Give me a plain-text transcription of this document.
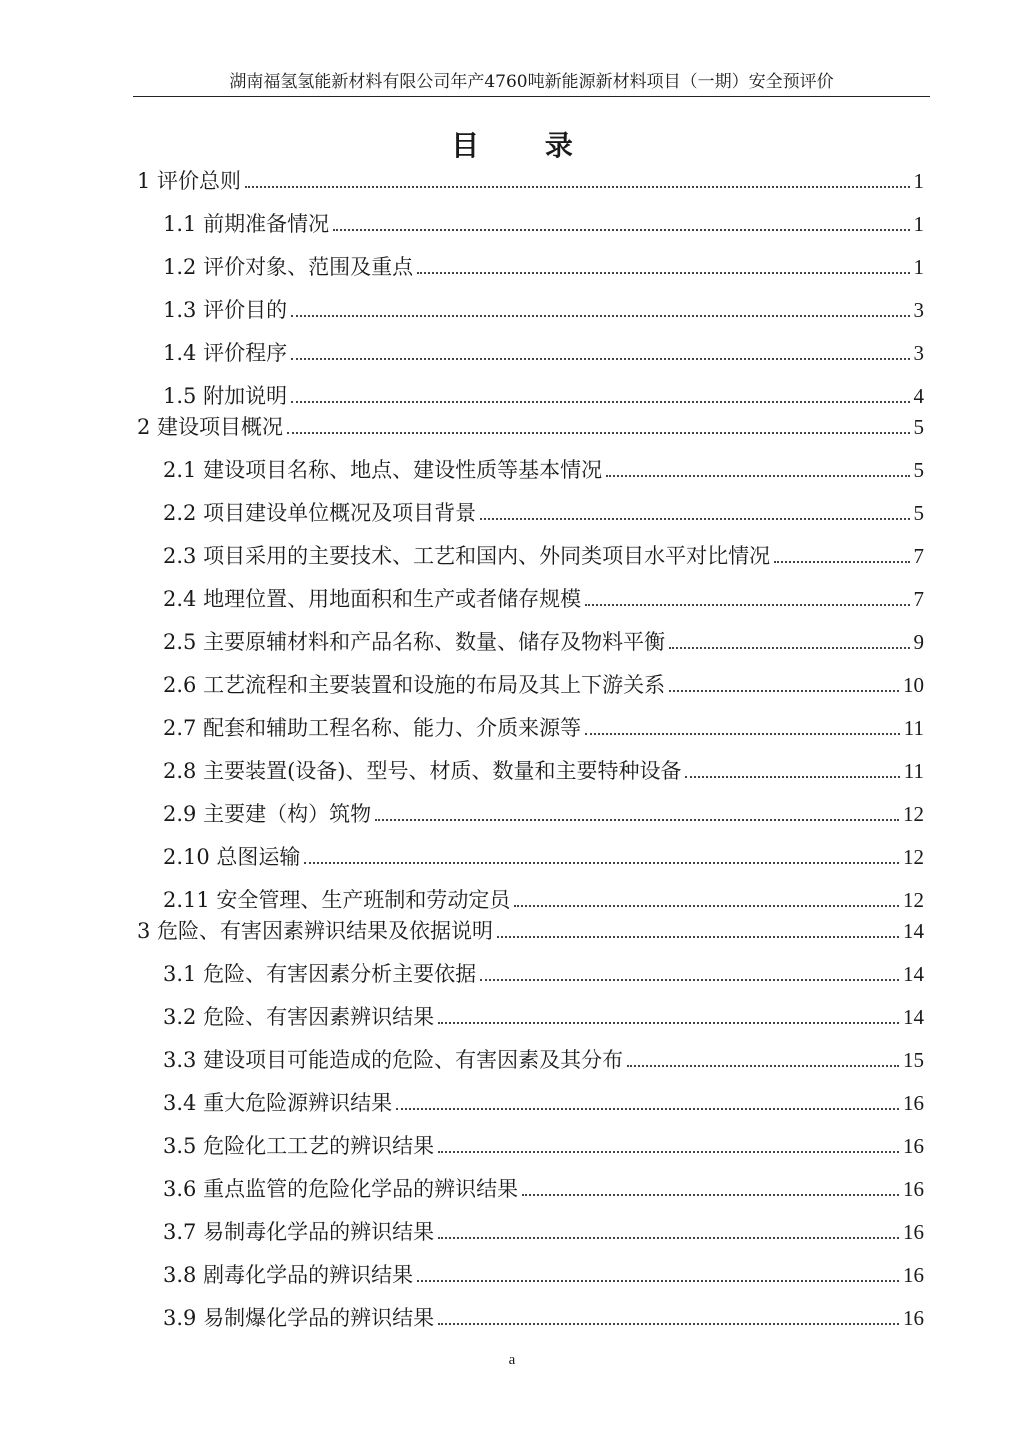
湖南福氢氢能新材料有限公司年产4760吨新能源新材料项目（一期）安全预评价
目 录
1 评价总则	1
1.1 前期准备情况	1
1.2 评价对象、范围及重点	1
1.3 评价目的	3
1.4 评价程序	3
1.5 附加说明	4
2 建设项目概况	5
2.1 建设项目名称、地点、建设性质等基本情况	5
2.2 项目建设单位概况及项目背景	5
2.3 项目采用的主要技术、工艺和国内、外同类项目水平对比情况	7
2.4 地理位置、用地面积和生产或者储存规模	7
2.5 主要原辅材料和产品名称、数量、储存及物料平衡	9
2.6 工艺流程和主要装置和设施的布局及其上下游关系	10
2.7 配套和辅助工程名称、能力、介质来源等	11
2.8 主要装置(设备)、型号、材质、数量和主要特种设备	11
2.9 主要建（构）筑物	12
2.10 总图运输	12
2.11 安全管理、生产班制和劳动定员	12
3 危险、有害因素辨识结果及依据说明	14
3.1 危险、有害因素分析主要依据	14
3.2 危险、有害因素辨识结果	14
3.3 建设项目可能造成的危险、有害因素及其分布	15
3.4 重大危险源辨识结果	16
3.5 危险化工工艺的辨识结果	16
3.6 重点监管的危险化学品的辨识结果	16
3.7 易制毒化学品的辨识结果	16
3.8 剧毒化学品的辨识结果	16
3.9 易制爆化学品的辨识结果	16
a
